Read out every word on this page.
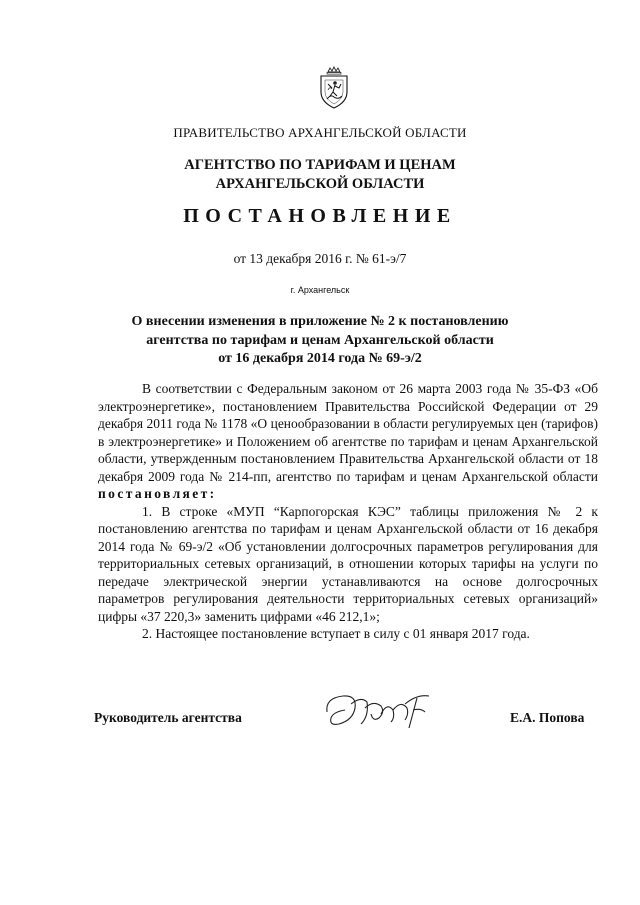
ПРАВИТЕЛЬСТВО АРХАНГЕЛЬСКОЙ ОБЛАСТИ
АГЕНТСТВО ПО ТАРИФАМ И ЦЕНАМ
АРХАНГЕЛЬСКОЙ ОБЛАСТИ
ПОСТАНОВЛЕНИЕ
от 13 декабря 2016 г. № 61-э/7
г. Архангельск
О внесении изменения в приложение № 2 к постановлению
агентства по тарифам и ценам Архангельской области
от 16 декабря 2014 года № 69-э/2

В соответствии с Федеральным законом от 26 марта 2003 года № 35-ФЗ «Об электроэнергетике», постановлением Правительства Российской Федерации от 29 декабря 2011 года № 1178 «О ценообразовании в области регулируемых цен (тарифов) в электроэнергетике» и Положением об агентстве по тарифам и ценам Архангельской области, утвержденным постановлением Правительства Архангельской области от 18 декабря 2009 года № 214-пп, агентство по тарифам и ценам Архангельской области постановляет:

1. В строке «МУП “Карпогорская КЭС” таблицы приложения № 2 к постановлению агентства по тарифам и ценам Архангельской области от 16 декабря 2014 года № 69-э/2 «Об установлении долгосрочных параметров регулирования для территориальных сетевых организаций, в отношении которых тарифы на услуги по передаче электрической энергии устанавливаются на основе долгосрочных параметров регулирования деятельности территориальных сетевых организаций» цифры «37 220,3» заменить цифрами «46 212,1»;

2. Настоящее постановление вступает в силу с 01 января 2017 года.

Руководитель агентства	Е.А. Попова
